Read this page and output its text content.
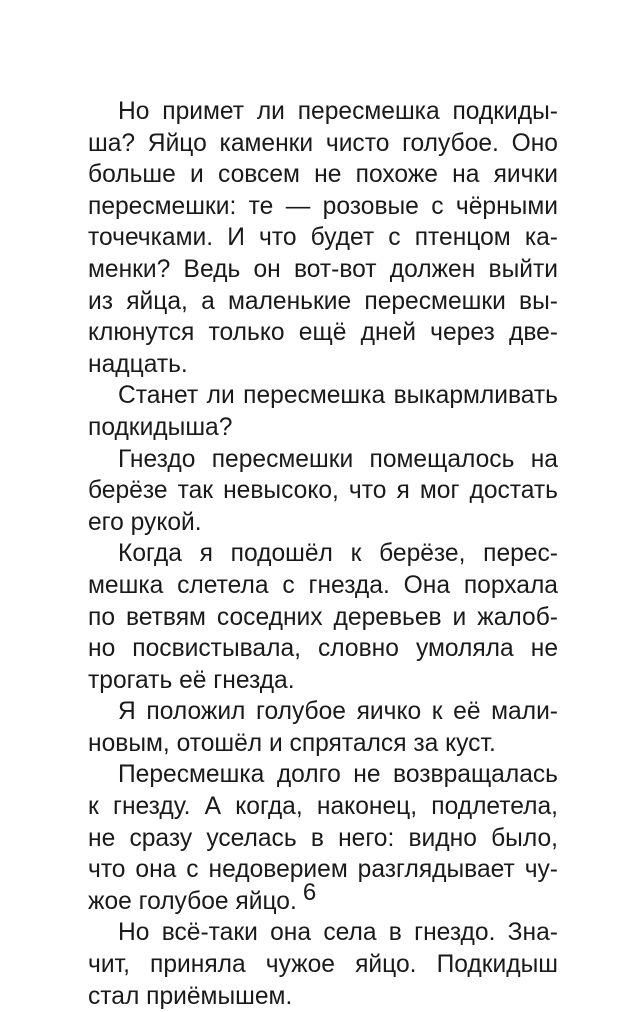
Но примет ли пересмешка подкиды-
ша? Яйцо каменки чисто голубое. Оно
больше и совсем не похоже на яички
пересмешки: те — розовые с чёрными
точечками. И что будет с птенцом ка-
менки? Ведь он вот-вот должен выйти
из яйца, а маленькие пересмешки вы-
клюнутся только ещё дней через две-
надцать.
Станет ли пересмешка выкармливать
подкидыша?
Гнездо пересмешки помещалось на
берёзе так невысоко, что я мог достать
его рукой.
Когда я подошёл к берёзе, перес-
мешка слетела с гнезда. Она порхала
по ветвям соседних деревьев и жалоб-
но посвистывала, словно умоляла не
трогать её гнезда.
Я положил голубое яичко к её мали-
новым, отошёл и спрятался за куст.
Пересмешка долго не возвращалась
к гнезду. А когда, наконец, подлетела,
не сразу уселась в него: видно было,
что она с недоверием разглядывает чу-
жое голубое яйцо.
Но всё-таки она села в гнездо. Зна-
чит, приняла чужое яйцо. Подкидыш
стал приёмышем.
6
